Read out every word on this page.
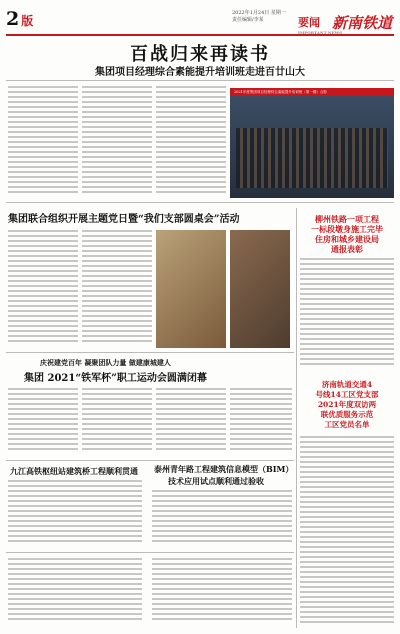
2 版
2022年1月24日 星期一
责任编辑/李某	要闻
IMPORTANT NEWS
新南铁道
百战归来再读书
集团项目经理综合素能提升培训班走进百廿山大
2021年度集团项目经理综合素能提升培训班（第一期）合影
集团联合组织开展主题党日暨“我们支部圆桌会”活动	柳州铁路一项工程
一标段墩身施工完毕
住房和城乡建设局
通报表彰
庆祝建党百年 凝聚团队力量 做建康城建人
集团 2021“铁军杯”职工运动会圆满闭幕
济南轨道交通4
号线14工区党支部
2021年度双访两
联优质服务示范
工区党员名单
九江高铁枢纽站建筑桥工程顺利贯通 泰州青年路工程建筑信息模型（BIM）
技术应用试点顺利通过验收
